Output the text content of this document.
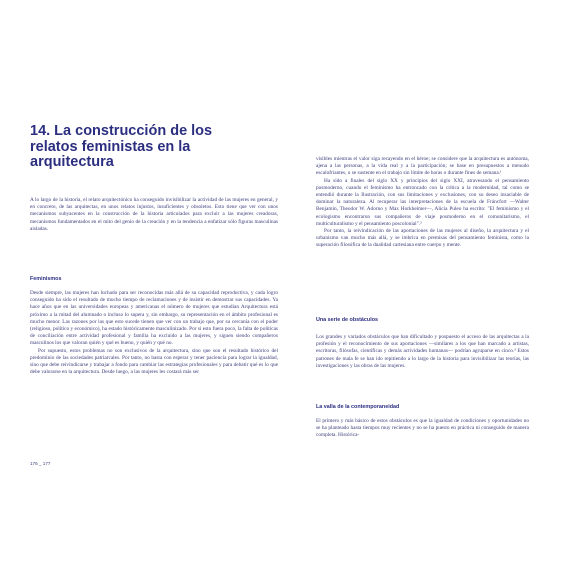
14. La construcción de los relatos feministas en la arquitectura

A lo largo de la historia, el relato arquitectónico ha conseguido invisibilizar la actividad de las mujeres en general, y en concreto, de las arquitectas, en unos relatos injustos, insuficientes y obsoletos. Esto tiene que ver con unos mecanismos subyacentes en la construcción de la historia articulados para excluir a las mujeres creadoras, mecanismos fundamentados en el mito del genio de la creación y en la tendencia a enfatizar sólo figuras masculinas aisladas.

Feminismos

Desde siempre, las mujeres han luchado para ser reconocidas más allá de su capacidad reproductiva, y cada logro conseguido ha sido el resultado de mucho tiempo de reclamaciones y de insistir en demostrar sus capacidades. Ya hace años que en las universidades europeas y americanas el número de mujeres que estudian Arquitectura está próximo a la mitad del alumnado o incluso lo supera y, sin embargo, su representación en el ámbito profesional es mucho menor. Las razones por las que esto sucede tienen que ver con un trabajo que, por su cercanía con el poder (religioso, político y económico), ha estado históricamente masculinizado. Por si esto fuera poco, la falta de políticas de conciliación entre actividad profesional y familia ha excluido a las mujeres, y siguen siendo compañeros masculinos los que valoran quién y qué es bueno, y quién y qué no.

Por supuesto, estos problemas no son exclusivos de la arquitectura, sino que son el resultado histórico del predominio de las sociedades patriarcales. Por tanto, no basta con esperar y tener paciencia para lograr la igualdad, sino que debe reivindicarse y trabajar a fondo para cambiar las estrategias profesionales y para debatir qué es lo que debe valorarse en la arquitectura. Desde luego, a las mujeres les costará más ser

visibles mientras el valor siga recayendo en el héroe; se considere que la arquitectura es autónoma, ajena a las personas, a la vida real y a la participación; se base en presupuestos a menudo escalofriantes, o se sustente en el trabajo sin límite de horas o durante fines de semana.¹

Ha sido a finales del siglo XX y principios del siglo XXI, atravesando el pensamiento posmoderno, cuando el feminismo ha entroncado con la crítica a la modernidad, tal como se entendió durante la Ilustración, con sus limitaciones y exclusiones, con su deseo insaciable de dominar la naturaleza. Al recuperar las interpretaciones de la escuela de Fráncfort —Walter Benjamin, Theodor W. Adorno y Max Horkheimer—, Alicia Puleo ha escrito: "El feminismo y el ecologismo encontraron sus compañeros de viaje posmoderno en el comunitarismo, el multiculturalismo y el pensamiento poscolonial".²

Por tanto, la reivindicación de las aportaciones de las mujeres al diseño, la arquitectura y el urbanismo van mucho más allá, y se imbrica en premisas del pensamiento feminista, como la superación filosófica de la dualidad cartesiana entre cuerpo y mente.

Una serie de obstáculos

Los grandes y variados obstáculos que han dificultado y pospuesto el acceso de las arquitectas a la profesión y el reconocimiento de sus aportaciones —similares a los que han marcado a artistas, escritoras, filósofas, científicas y demás actividades humanas— podrían agruparse en cinco.³ Estos patrones de mala fe se han ido repitiendo a lo largo de la historia para invisibilizar las teorías, las investigaciones y las obras de las mujeres.

La valla de la contemporaneidad

El primero y más básico de estos obstáculos es que la igualdad de condiciones y oportunidades no se ha planteado hasta tiempos muy recientes y no se ha puesto en práctica ni conseguido de manera completa. Histórica-

176 _ 177
